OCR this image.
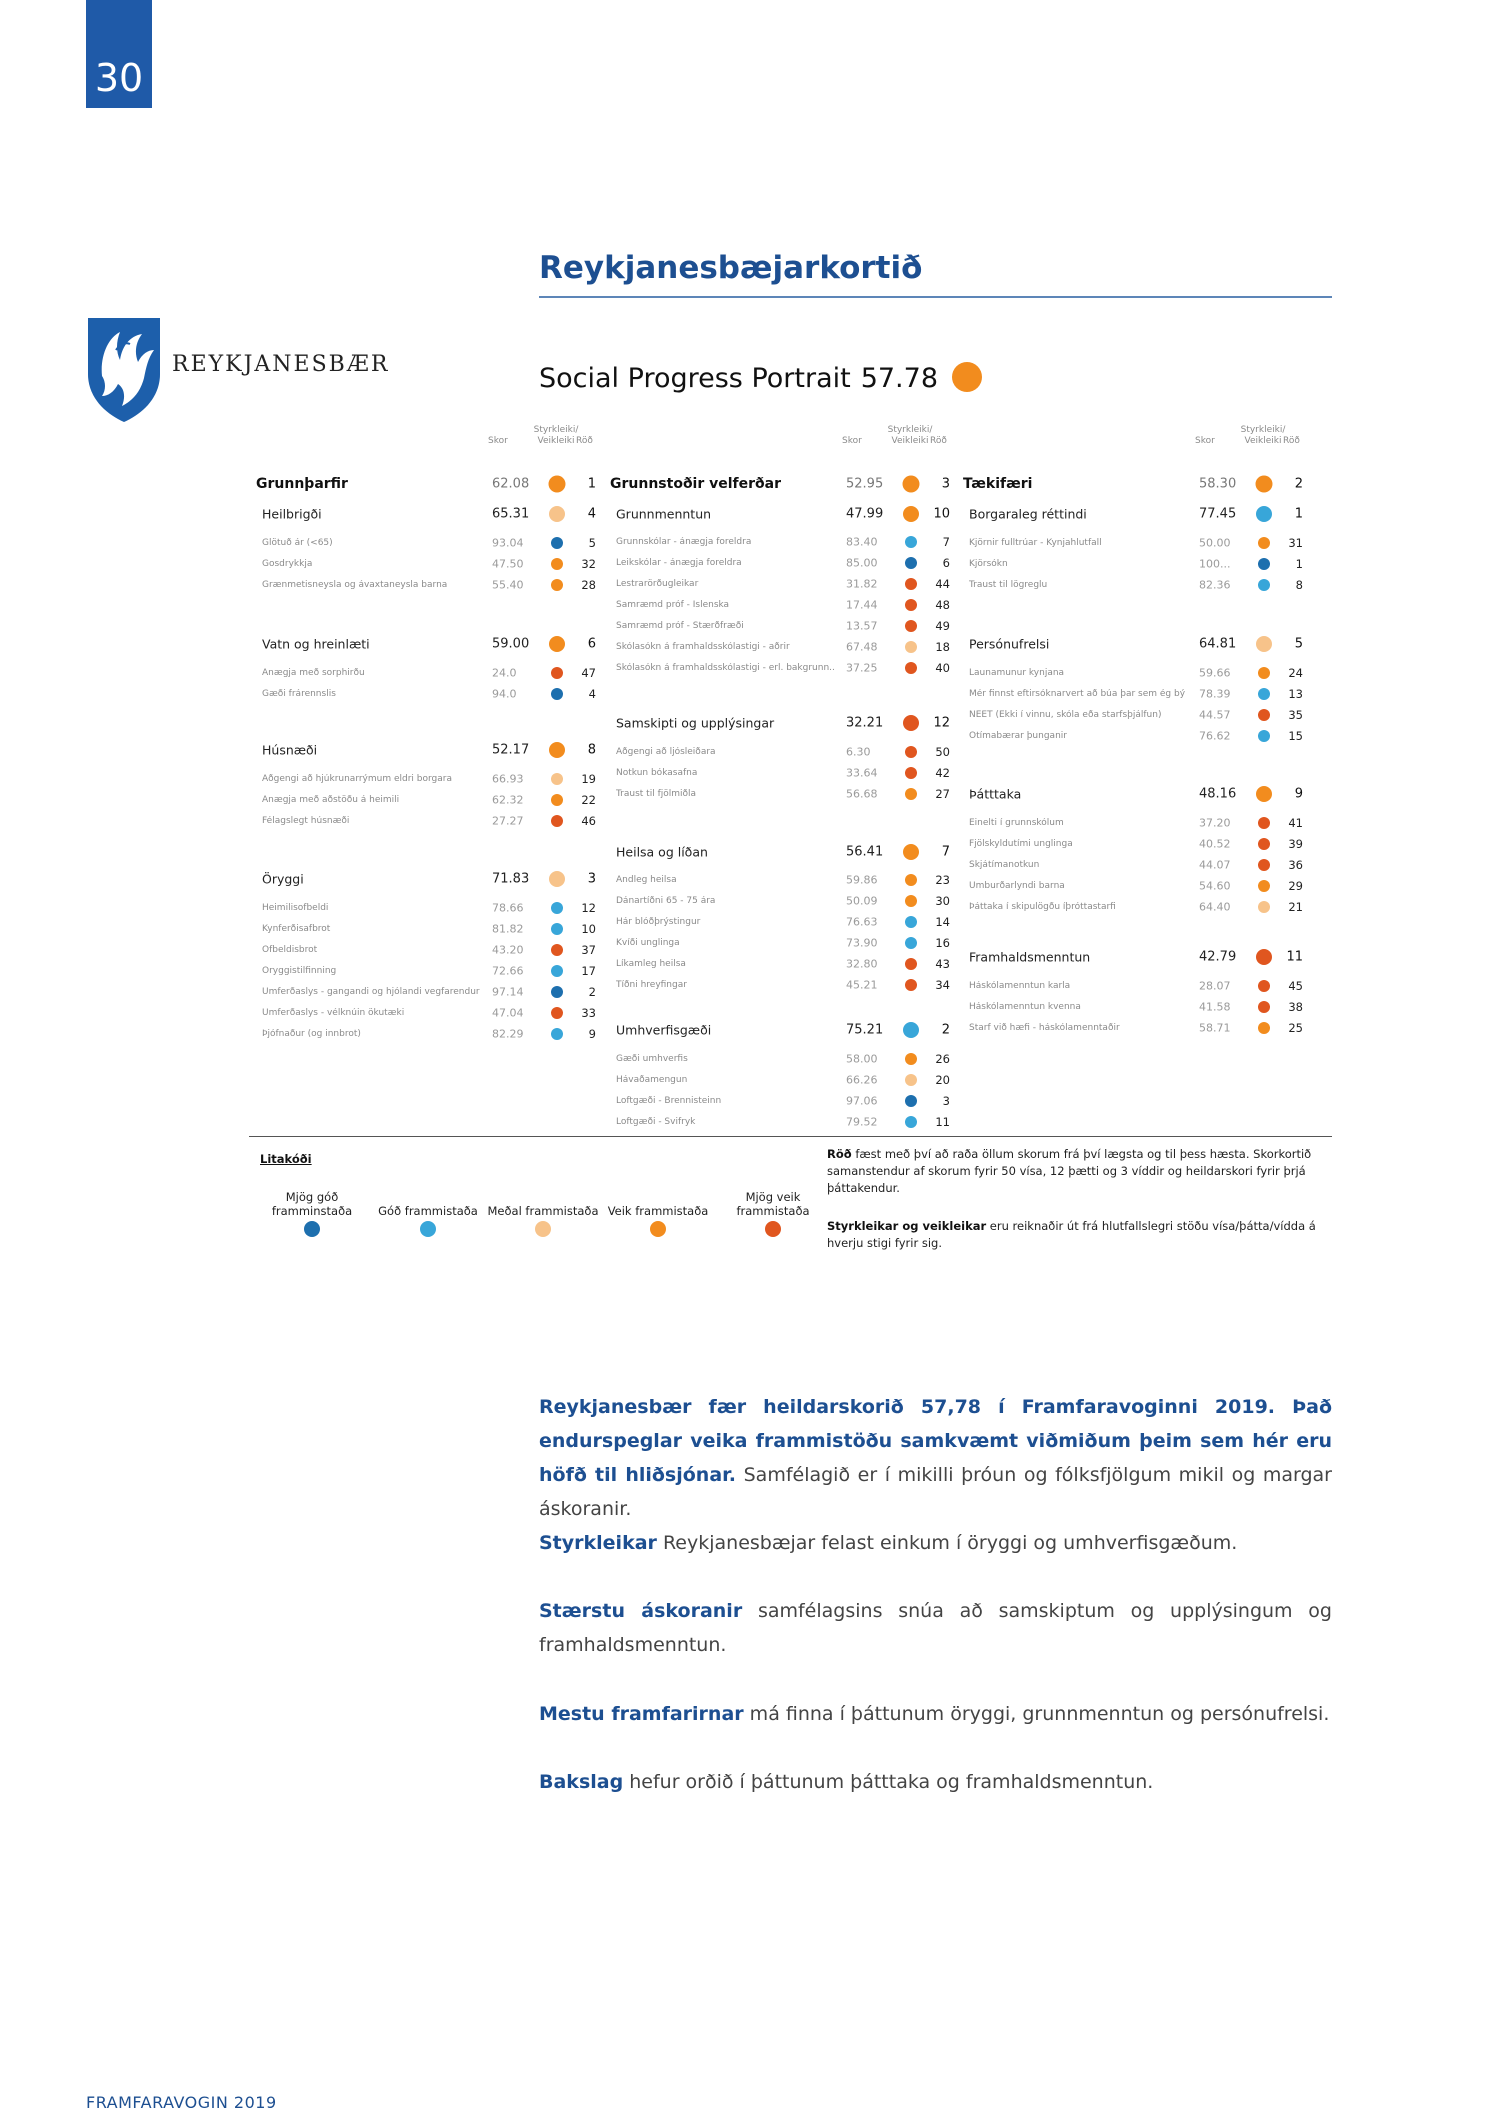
30
Reykjanesbæjarkortið
REYKJANESBÆR	Social Progress Portrait 57.78
Styrkleiki/
Veikleiki
Skor	Röð
Grunnþarfir	62.08	1
Heilbrigði	65.31	4
Glötuð ár (<65)	93.04	5
Gosdrykkja	47.50	32
Grænmetisneysla og ávaxtaneysla barna	55.40	28
Vatn og hreinlæti	59.00	6
Ánægja með sorphirðu	24.0	47
Gæði frárennslis	94.0	4
Húsnæði	52.17	8
Aðgengi að hjúkrunarrýmum eldri borgara	66.93	19
Ánægja með aðstöðu á heimili	62.32	22
Félagslegt húsnæði	27.27	46
Öryggi	71.83	3
Heimilisofbeldi	78.66	12
Kynferðisafbrot	81.82	10
Ofbeldisbrot	43.20	37
Öryggistilfinning	72.66	17
Umferðaslys - gangandi og hjólandi vegfarendur 97.14	2
Umferðaslys - vélknúin ökutæki	47.04	33
Þjófnaður (og innbrot)	82.29	9
Styrkleiki/
Veikleiki
Skor	Röð
Grunnstoðir velferðar	52.95	3
Grunnmenntun	47.99	10
Grunnskólar - ánægja foreldra	83.40	7
Leikskólar - ánægja foreldra	85.00	6
Lestrarörðugleikar	31.82	44
Samræmd próf - Íslenska	17.44	48
Samræmd próf - Stærðfræði	13.57	49
Skólasókn á framhaldsskólastigi - aðrir	67.48	18
Skólasókn á framhaldsskólastigi - erl. bakgrunn.. 37.25	40
Samskipti og upplýsingar	32.21	12
Aðgengi að ljósleiðara	6.30	50
Notkun bókasafna	33.64	42
Traust til fjölmiðla	56.68	27
Heilsa og líðan	56.41	7
Andleg heilsa	59.86	23
Dánartíðni 65 - 75 ára	50.09	30
Hár blóðþrýstingur	76.63	14
Kvíði unglinga	73.90	16
Líkamleg heilsa	32.80	43
Tíðni hreyfingar	45.21	34
Umhverfisgæði	75.21	2
Gæði umhverfis	58.00	26
Hávaðamengun	66.26	20
Loftgæði - Brennisteinn	97.06	3
Loftgæði - Svifryk	79.52	11
Styrkleiki/
Veikleiki
Skor	Röð
Tækifæri	58.30	2
Borgaraleg réttindi	77.45	1
Kjörnir fulltrúar - Kynjahlutfall	50.00	31
Kjörsókn	100...	1
Traust til lögreglu	82.36	8
Persónufrelsi	64.81	5
Launamunur kynjana	59.66	24
Mér finnst eftirsóknarvert að búa þar sem ég bý	78.39	13
NEET (Ekki í vinnu, skóla eða starfsþjálfun)	44.57	35
Ótímabærar þunganir	76.62	15
Þátttaka	48.16	9
Einelti í grunnskólum	37.20	41
Fjölskyldutími unglinga	40.52	39
Skjátímanotkun	44.07	36
Umburðarlyndi barna	54.60	29
Þáttaka í skipulögðu íþróttastarfi	64.40	21
Framhaldsmenntun	42.79	11
Háskólamenntun karla	28.07	45
Háskólamenntun kvenna	41.58	38
Starf við hæfi - háskólamenntaðir	58.71	25
Litakóði
Mjög góð
framminstaða	Góð frammistaða Meðal frammistaða Veik frammistaða
Mjög veik
frammistaða
Röð fæst með því að raða öllum skorum frá því lægsta og til þess hæsta. Skorkortið samanstendur af skorum fyrir 50 vísa, 12 þætti og 3 víddir og heildarskori fyrir þrjá þáttakendur.
Styrkleikar og veikleikar eru reiknaðir út frá hlutfallslegri stöðu vísa/þátta/vídda á hverju stigi fyrir sig.
Reykjanesbær fær heildarskorið 57,78 í Framfaravoginni 2019. Það endurspeglar veika frammistöðu samkvæmt viðmiðum þeim sem hér eru höfð til hliðsjónar. Samfélagið er í mikilli þróun og fólksfjölgum mikil og margar áskoranir.
Styrkleikar Reykjanesbæjar felast einkum í öryggi og umhverfisgæðum.
Stærstu áskoranir samfélagsins snúa að samskiptum og upplýsingum og framhaldsmenntun.
Mestu framfarirnar má finna í þáttunum öryggi, grunnmenntun og persónufrelsi.
Bakslag hefur orðið í þáttunum þátttaka og framhaldsmenntun.
FRAMFARAVOGIN 2019
